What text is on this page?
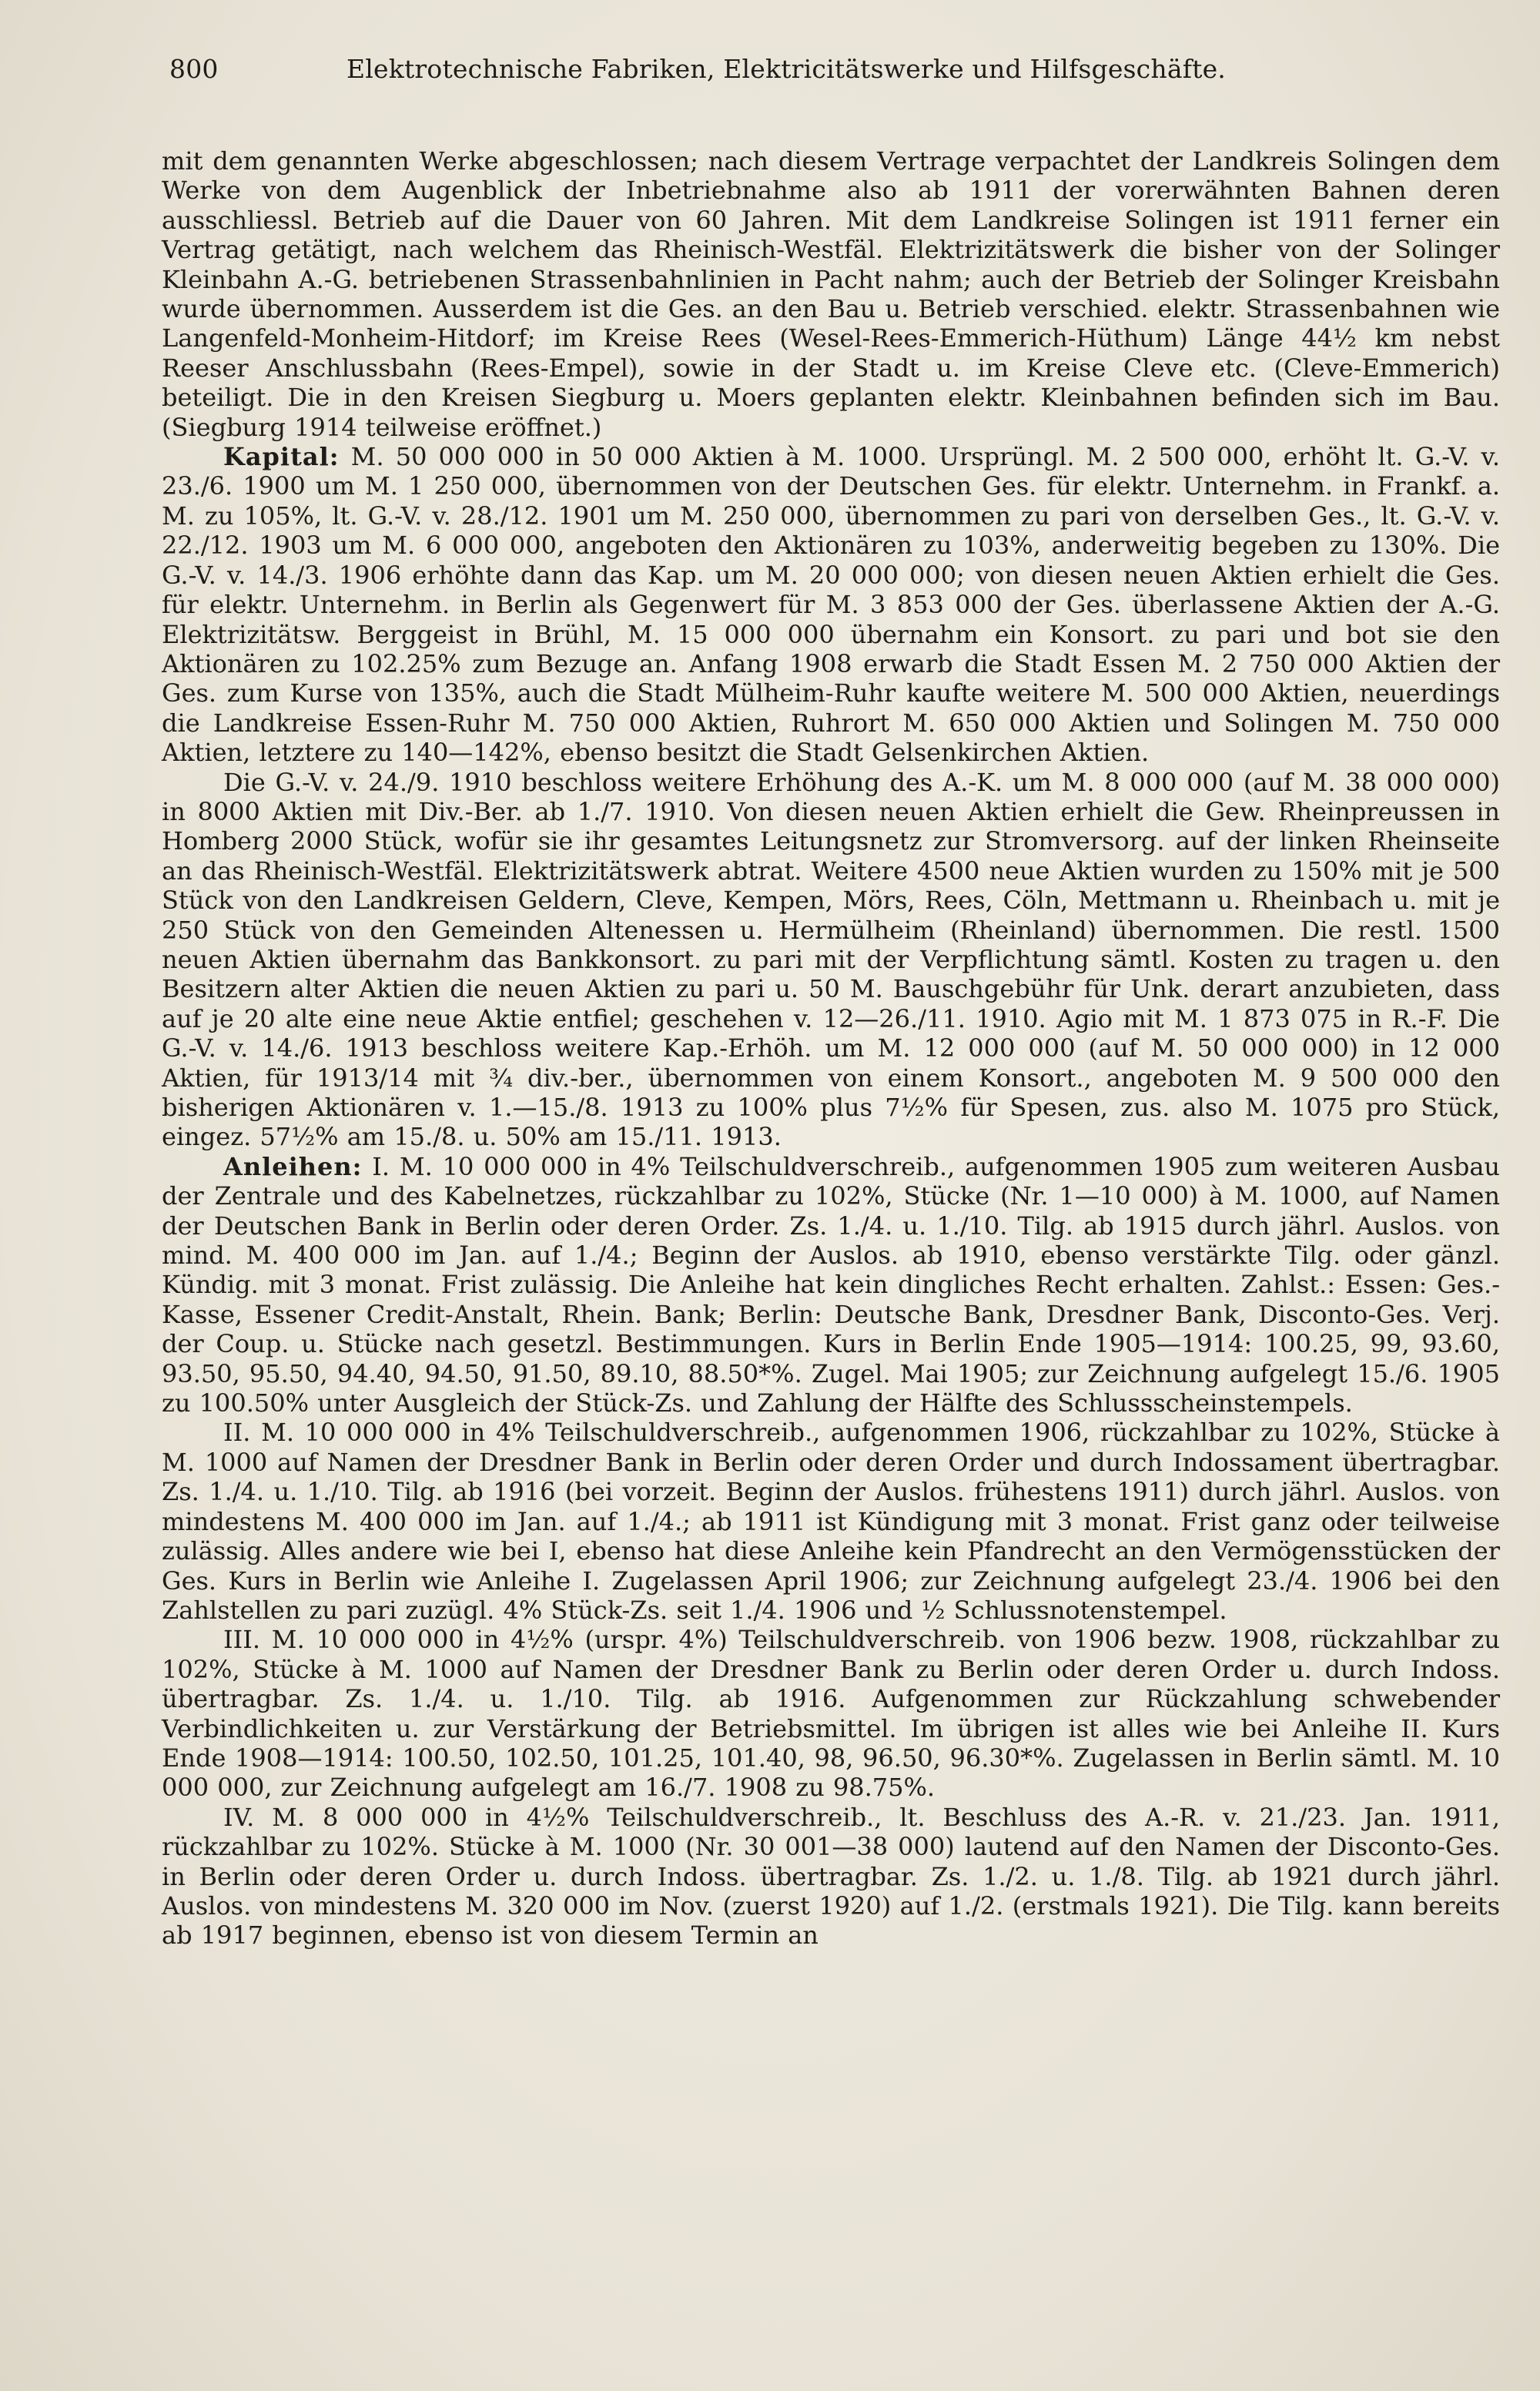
800	Elektrotechnische Fabriken, Elektricitätswerke und Hilfsgeschäfte.

mit dem genannten Werke abgeschlossen; nach diesem Vertrage verpachtet der Landkreis Solingen dem Werke von dem Augenblick der Inbetriebnahme also ab 1911 der vorerwähnten Bahnen deren ausschliessl. Betrieb auf die Dauer von 60 Jahren. Mit dem Landkreise Solingen ist 1911 ferner ein Vertrag getätigt, nach welchem das Rheinisch-Westfäl. Elektrizitätswerk die bisher von der Solinger Kleinbahn A.-G. betriebenen Strassenbahnlinien in Pacht nahm; auch der Betrieb der Solinger Kreisbahn wurde übernommen. Ausserdem ist die Ges. an den Bau u. Betrieb verschied. elektr. Strassenbahnen wie Langenfeld-Monheim-Hitdorf; im Kreise Rees (Wesel-Rees-Emmerich-Hüthum) Länge 44½ km nebst Reeser Anschlussbahn (Rees-Empel), sowie in der Stadt u. im Kreise Cleve etc. (Cleve-Emmerich) beteiligt. Die in den Kreisen Siegburg u. Moers geplanten elektr. Kleinbahnen befinden sich im Bau. (Siegburg 1914 teilweise eröffnet.)

Kapital: M. 50 000 000 in 50 000 Aktien à M. 1000. Ursprüngl. M. 2 500 000, erhöht lt. G.-V. v. 23./6. 1900 um M. 1 250 000, übernommen von der Deutschen Ges. für elektr. Unternehm. in Frankf. a. M. zu 105%, lt. G.-V. v. 28./12. 1901 um M. 250 000, übernommen zu pari von derselben Ges., lt. G.-V. v. 22./12. 1903 um M. 6 000 000, angeboten den Aktionären zu 103%, anderweitig begeben zu 130%. Die G.-V. v. 14./3. 1906 erhöhte dann das Kap. um M. 20 000 000; von diesen neuen Aktien erhielt die Ges. für elektr. Unternehm. in Berlin als Gegenwert für M. 3 853 000 der Ges. überlassene Aktien der A.-G. Elektrizitätsw. Berggeist in Brühl, M. 15 000 000 übernahm ein Konsort. zu pari und bot sie den Aktionären zu 102.25% zum Bezuge an. Anfang 1908 erwarb die Stadt Essen M. 2 750 000 Aktien der Ges. zum Kurse von 135%, auch die Stadt Mülheim-Ruhr kaufte weitere M. 500 000 Aktien, neuerdings die Landkreise Essen-Ruhr M. 750 000 Aktien, Ruhrort M. 650 000 Aktien und Solingen M. 750 000 Aktien, letztere zu 140—142%, ebenso besitzt die Stadt Gelsenkirchen Aktien.

Die G.-V. v. 24./9. 1910 beschloss weitere Erhöhung des A.-K. um M. 8 000 000 (auf M. 38 000 000) in 8000 Aktien mit Div.-Ber. ab 1./7. 1910. Von diesen neuen Aktien erhielt die Gew. Rheinpreussen in Homberg 2000 Stück, wofür sie ihr gesamtes Leitungsnetz zur Stromversorg. auf der linken Rheinseite an das Rheinisch-Westfäl. Elektrizitätswerk abtrat. Weitere 4500 neue Aktien wurden zu 150% mit je 500 Stück von den Landkreisen Geldern, Cleve, Kempen, Mörs, Rees, Cöln, Mettmann u. Rheinbach u. mit je 250 Stück von den Gemeinden Altenessen u. Hermülheim (Rheinland) übernommen. Die restl. 1500 neuen Aktien übernahm das Bankkonsort. zu pari mit der Verpflichtung sämtl. Kosten zu tragen u. den Besitzern alter Aktien die neuen Aktien zu pari u. 50 M. Bauschgebühr für Unk. derart anzubieten, dass auf je 20 alte eine neue Aktie entfiel; geschehen v. 12—26./11. 1910. Agio mit M. 1 873 075 in R.-F. Die G.-V. v. 14./6. 1913 beschloss weitere Kap.-Erhöh. um M. 12 000 000 (auf M. 50 000 000) in 12 000 Aktien, für 1913/14 mit ¾ div.-ber., übernommen von einem Konsort., angeboten M. 9 500 000 den bisherigen Aktionären v. 1.—15./8. 1913 zu 100% plus 7½% für Spesen, zus. also M. 1075 pro Stück, eingez. 57½% am 15./8. u. 50% am 15./11. 1913.

Anleihen: I. M. 10 000 000 in 4% Teilschuldverschreib., aufgenommen 1905 zum weiteren Ausbau der Zentrale und des Kabelnetzes, rückzahlbar zu 102%, Stücke (Nr. 1—10 000) à M. 1000, auf Namen der Deutschen Bank in Berlin oder deren Order. Zs. 1./4. u. 1./10. Tilg. ab 1915 durch jährl. Auslos. von mind. M. 400 000 im Jan. auf 1./4.; Beginn der Auslos. ab 1910, ebenso verstärkte Tilg. oder gänzl. Kündig. mit 3 monat. Frist zulässig. Die Anleihe hat kein dingliches Recht erhalten. Zahlst.: Essen: Ges.-Kasse, Essener Credit-Anstalt, Rhein. Bank; Berlin: Deutsche Bank, Dresdner Bank, Disconto-Ges. Verj. der Coup. u. Stücke nach gesetzl. Bestimmungen. Kurs in Berlin Ende 1905—1914: 100.25, 99, 93.60, 93.50, 95.50, 94.40, 94.50, 91.50, 89.10, 88.50*%. Zugel. Mai 1905; zur Zeichnung aufgelegt 15./6. 1905 zu 100.50% unter Ausgleich der Stück-Zs. und Zahlung der Hälfte des Schlussscheinstempels.

II. M. 10 000 000 in 4% Teilschuldverschreib., aufgenommen 1906, rückzahlbar zu 102%, Stücke à M. 1000 auf Namen der Dresdner Bank in Berlin oder deren Order und durch Indossament übertragbar. Zs. 1./4. u. 1./10. Tilg. ab 1916 (bei vorzeit. Beginn der Auslos. frühestens 1911) durch jährl. Auslos. von mindestens M. 400 000 im Jan. auf 1./4.; ab 1911 ist Kündigung mit 3 monat. Frist ganz oder teilweise zulässig. Alles andere wie bei I, ebenso hat diese Anleihe kein Pfandrecht an den Vermögensstücken der Ges. Kurs in Berlin wie Anleihe I. Zugelassen April 1906; zur Zeichnung aufgelegt 23./4. 1906 bei den Zahlstellen zu pari zuzügl. 4% Stück-Zs. seit 1./4. 1906 und ½ Schlussnotenstempel.

III. M. 10 000 000 in 4½% (urspr. 4%) Teilschuldverschreib. von 1906 bezw. 1908, rückzahlbar zu 102%, Stücke à M. 1000 auf Namen der Dresdner Bank zu Berlin oder deren Order u. durch Indoss. übertragbar. Zs. 1./4. u. 1./10. Tilg. ab 1916. Aufgenommen zur Rückzahlung schwebender Verbindlichkeiten u. zur Verstärkung der Betriebsmittel. Im übrigen ist alles wie bei Anleihe II. Kurs Ende 1908—1914: 100.50, 102.50, 101.25, 101.40, 98, 96.50, 96.30*%. Zugelassen in Berlin sämtl. M. 10 000 000, zur Zeichnung aufgelegt am 16./7. 1908 zu 98.75%.

IV. M. 8 000 000 in 4½% Teilschuldverschreib., lt. Beschluss des A.-R. v. 21./23. Jan. 1911, rückzahlbar zu 102%. Stücke à M. 1000 (Nr. 30 001—38 000) lautend auf den Namen der Disconto-Ges. in Berlin oder deren Order u. durch Indoss. übertragbar. Zs. 1./2. u. 1./8. Tilg. ab 1921 durch jährl. Auslos. von mindestens M. 320 000 im Nov. (zuerst 1920) auf 1./2. (erstmals 1921). Die Tilg. kann bereits ab 1917 beginnen, ebenso ist von diesem Termin an
